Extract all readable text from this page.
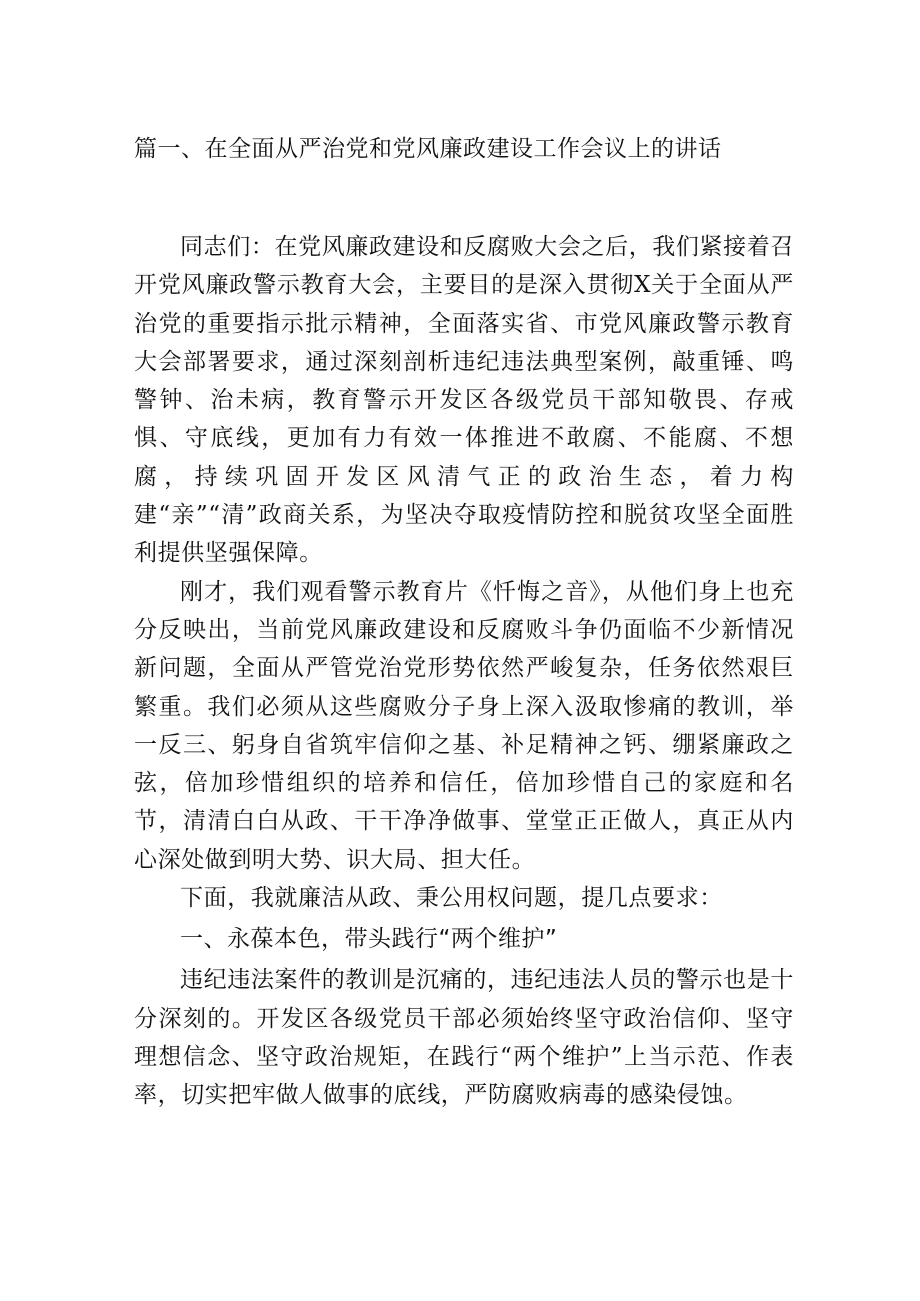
篇一、在全面从严治党和党风廉政建设工作会议上的讲话

同志们：在党风廉政建设和反腐败大会之后，我们紧接着召开党风廉政警示教育大会，主要目的是深入贯彻X关于全面从严治党的重要指示批示精神，全面落实省、市党风廉政警示教育大会部署要求，通过深刻剖析违纪违法典型案例，敲重锤、鸣警钟、治未病，教育警示开发区各级党员干部知敬畏、存戒惧、守底线，更加有力有效一体推进不敢腐、不能腐、不想腐，持续巩固开发区风清气正的政治生态，着力构建“亲”“清”政商关系，为坚决夺取疫情防控和脱贫攻坚全面胜利提供坚强保障。

刚才，我们观看警示教育片《忏悔之音》，从他们身上也充分反映出，当前党风廉政建设和反腐败斗争仍面临不少新情况新问题，全面从严管党治党形势依然严峻复杂，任务依然艰巨繁重。我们必须从这些腐败分子身上深入汲取惨痛的教训，举一反三、躬身自省筑牢信仰之基、补足精神之钙、绷紧廉政之弦，倍加珍惜组织的培养和信任，倍加珍惜自己的家庭和名节，清清白白从政、干干净净做事、堂堂正正做人，真正从内心深处做到明大势、识大局、担大任。

下面，我就廉洁从政、秉公用权问题，提几点要求：

一、永葆本色，带头践行“两个维护”

违纪违法案件的教训是沉痛的，违纪违法人员的警示也是十分深刻的。开发区各级党员干部必须始终坚守政治信仰、坚守理想信念、坚守政治规矩，在践行“两个维护”上当示范、作表率，切实把牢做人做事的底线，严防腐败病毒的感染侵蚀。
